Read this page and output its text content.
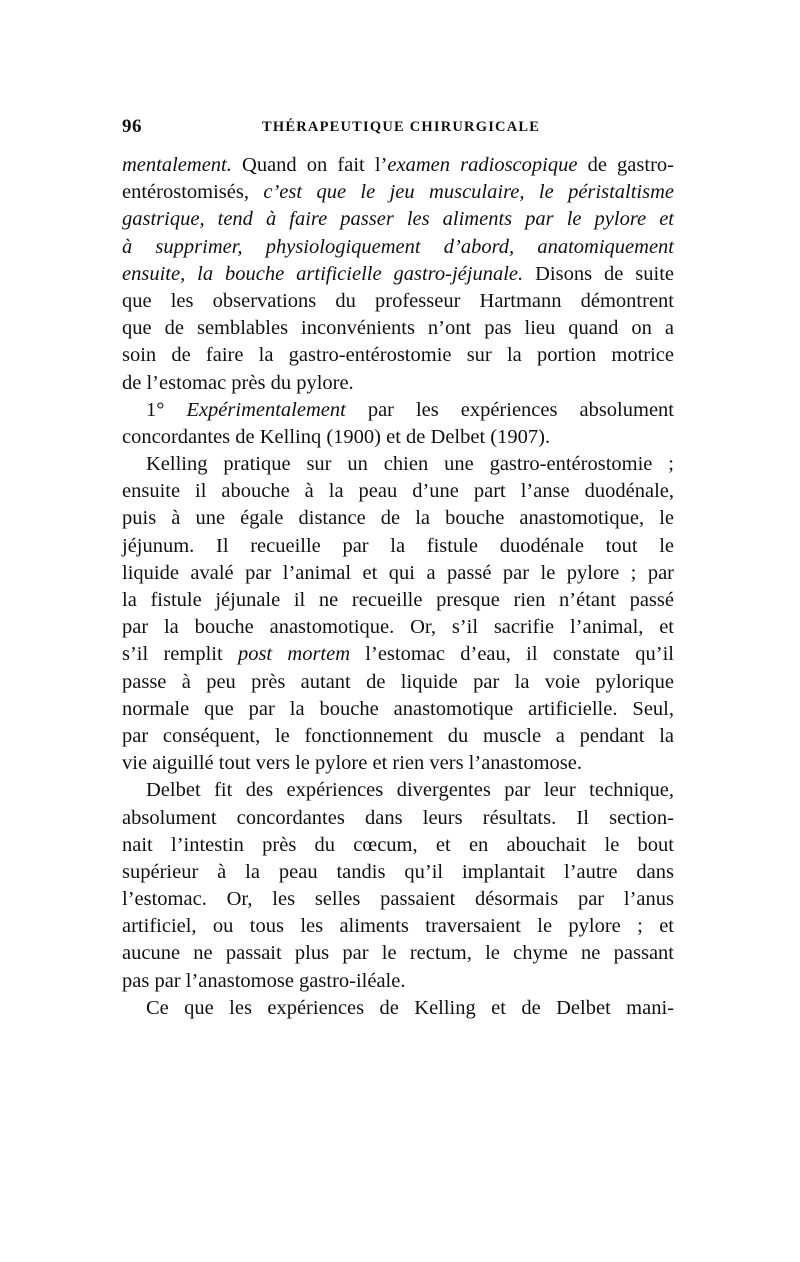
96	THÉRAPEUTIQUE CHIRURGICALE
mentalement. Quand on fait l’examen radioscopique de gastro-
entérostomisés, c’est que le jeu musculaire, le péristaltisme
gastrique, tend à faire passer les aliments par le pylore et
à supprimer, physiologiquement d’abord, anatomiquement
ensuite, la bouche artificielle gastro-jéjunale. Disons de suite
que les observations du professeur Hartmann démontrent
que de semblables inconvénients n’ont pas lieu quand on a
soin de faire la gastro-entérostomie sur la portion motrice
de l’estomac près du pylore.
1° Expérimentalement par les expériences absolument
concordantes de Kellinq (1900) et de Delbet (1907).
Kelling pratique sur un chien une gastro-entérostomie ;
ensuite il abouche à la peau d’une part l’anse duodénale,
puis à une égale distance de la bouche anastomotique, le
jéjunum. Il recueille par la fistule duodénale tout le
liquide avalé par l’animal et qui a passé par le pylore ; par
la fistule jéjunale il ne recueille presque rien n’étant passé
par la bouche anastomotique. Or, s’il sacrifie l’animal, et
s’il remplit post mortem l’estomac d’eau, il constate qu’il
passe à peu près autant de liquide par la voie pylorique
normale que par la bouche anastomotique artificielle. Seul,
par conséquent, le fonctionnement du muscle a pendant la
vie aiguillé tout vers le pylore et rien vers l’anastomose.
Delbet fit des expériences divergentes par leur technique,
absolument concordantes dans leurs résultats. Il section-
nait l’intestin près du cœcum, et en abouchait le bout
supérieur à la peau tandis qu’il implantait l’autre dans
l’estomac. Or, les selles passaient désormais par l’anus
artificiel, ou tous les aliments traversaient le pylore ; et
aucune ne passait plus par le rectum, le chyme ne passant
pas par l’anastomose gastro-iléale.
Ce que les expériences de Kelling et de Delbet mani-
